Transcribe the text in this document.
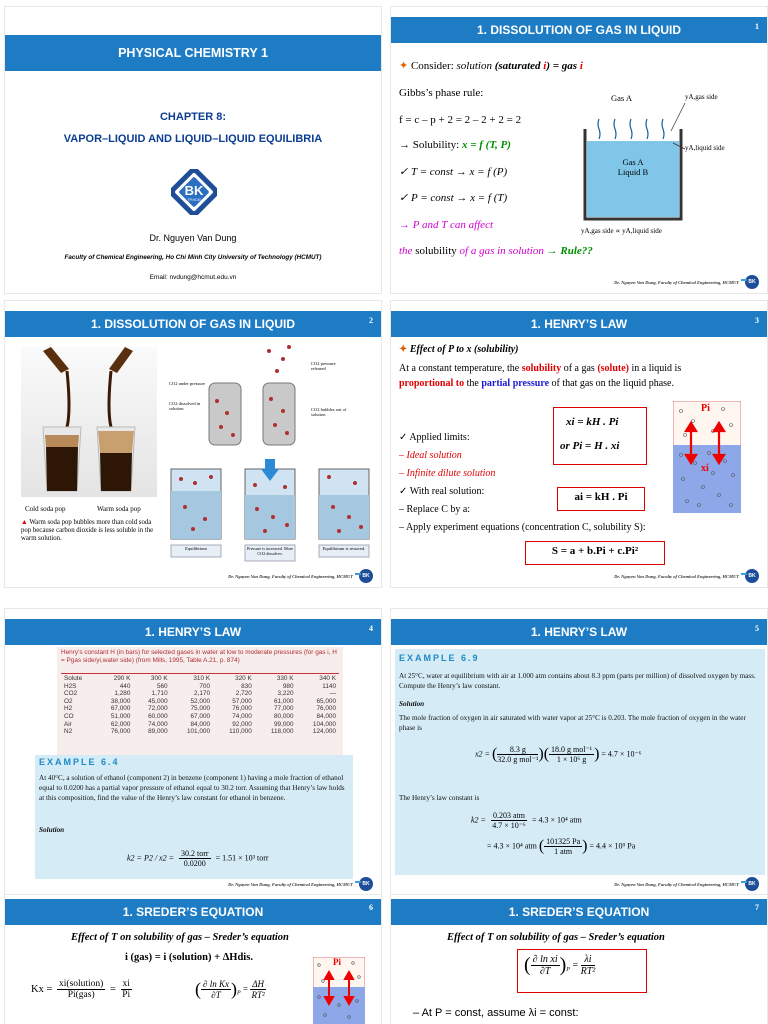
PHYSICAL CHEMISTRY 1
CHAPTER 8:
VAPOR–LIQUID AND LIQUID–LIQUID EQUILIBRIA
BK
TP.HCM
Dr. Nguyen Van Dung
Faculty of Chemical Engineering, Ho Chi Minh City University of Technology (HCMUT)
Email: nvdung@hcmut.edu.vn
1. DISSOLUTION OF GAS IN LIQUID	1
✦ Consider: solution (saturated i) = gas i
Gibbs’s phase rule:
f = c – p + 2 = 2 – 2 + 2 = 2
→ Solubility: x = f (T, P)
✓ T = const → x = f (P)
✓ P = const → x = f (T)
→ P and T can affect
the solubility of a gas in solution → Rule??
Gas A	yA,gas side
yA,liquid side
Gas A
Liquid B
yA,gas side ∝ yA,liquid side
Dr. Nguyen Van Dung, Faculty of Chemical Engineering, HCMUT	BK
1. DISSOLUTION OF GAS IN LIQUID	2
Cold soda pop	Warm soda pop
▲ Warm soda pop bubbles more than cold soda pop because carbon dioxide is less soluble in the warm solution.
CO2 pressure released
CO2 under pressure
CO2 dissolved in solution	CO2 bubbles out of solution
Equilibrium	Pressure is increased. More CO2 dissolves.
Equilibrium is restored.
Dr. Nguyen Van Dung, Faculty of Chemical Engineering, HCMUT	BK
1. HENRY’S LAW	3
✦ Effect of P to x (solubility)
At a constant temperature, the solubility of a gas (solute) in a liquid is
proportional to the partial pressure of that gas on the liquid phase.
xi = kH . Pi
or Pi = H . xi
Pi
xi
✓ Applied limits:
– Ideal solution
– Infinite dilute solution
✓ With real solution:
– Replace C by a:
– Apply experiment equations (concentration C, solubility S):
ai = kH . Pi
S = a + b.Pi + c.Pi²
Dr. Nguyen Van Dung, Faculty of Chemical Engineering, HCMUT	BK
1. HENRY’S LAW	4
Henry’s constant H (in bars) for selected gases in water at low to moderate pressures (for gas i, H = Pgas side/yi,water side) (from Mills, 1995, Table A.21, p. 874)
Solute	290 K	300 K	310 K	320 K	330 K	340 K
H2S	440	560	700	830	980	1140
CO2	1,280	1,710	2,170	2,720	3,220	—
O2	38,000	45,000	52,000	57,000	61,000	65,000
H2	67,000	72,000	75,000	76,000	77,000	76,000
CO	51,000	60,000	67,000	74,000	80,000	84,000
Air	62,000	74,000	84,000	92,000	99,000	104,000
N2	76,000	89,000	101,000	110,000	118,000	124,000
EXAMPLE 6.4
At 40°C, a solution of ethanol (component 2) in benzene (component 1) having a mole fraction of ethanol equal to 0.0200 has a partial vapor pressure of ethanol equal to 30.2 torr. Assuming that Henry’s law holds at this composition, find the value of the Henry’s law constant for ethanol in benzene.
Solution
k2 = P2 / x2 = 30.2 torr
0.0200
= 1.51 × 10³ torr
Dr. Nguyen Van Dung, Faculty of Chemical Engineering, HCMUT	BK
1. HENRY’S LAW	5
EXAMPLE 6.9
At 25°C, water at equilibrium with air at 1.000 atm contains about 8.3 ppm (parts per million) of dissolved oxygen by mass. Compute the Henry’s law constant.
Solution
The mole fraction of oxygen in air saturated with water vapor at 25°C is 0.203. The mole fraction of oxygen in the water phase is
x2 = (	8.3 g
32.0 g mol⁻¹ )( 18.0 g mol⁻¹
1 × 10⁶ g ) = 4.7 × 10⁻⁶
The Henry’s law constant is
k2 = 0.203 atm
4.7 × 10⁻⁶
= 4.3 × 10⁴ atm
= 4.3 × 10⁴ atm ( 101325 Pa
1 atm ) = 4.4 × 10⁹ Pa
Dr. Nguyen Van Dung, Faculty of Chemical Engineering, HCMUT	BK
1. SREDER’S EQUATION	6
Effect of T on solubility of gas – Sreder’s equation
i (gas) = i (solution) + ΔHdis.
Kx = xi(solution)
Pi(gas)
= $\frac{xi}{Pi}$	( $\frac{\text{∂ ln Kx}}{\partial T} )_P = \frac{\Delta H}{\text{RT²}}$
Pi
1. SREDER’S EQUATION	7
Effect of T on solubility of gas – Sreder’s equation
( $\frac{\text{∂ ln xi}}{\partial T} )_P = \frac{\lambda i}{\text{RT²}}$
– At P = const, assume λi = const:
